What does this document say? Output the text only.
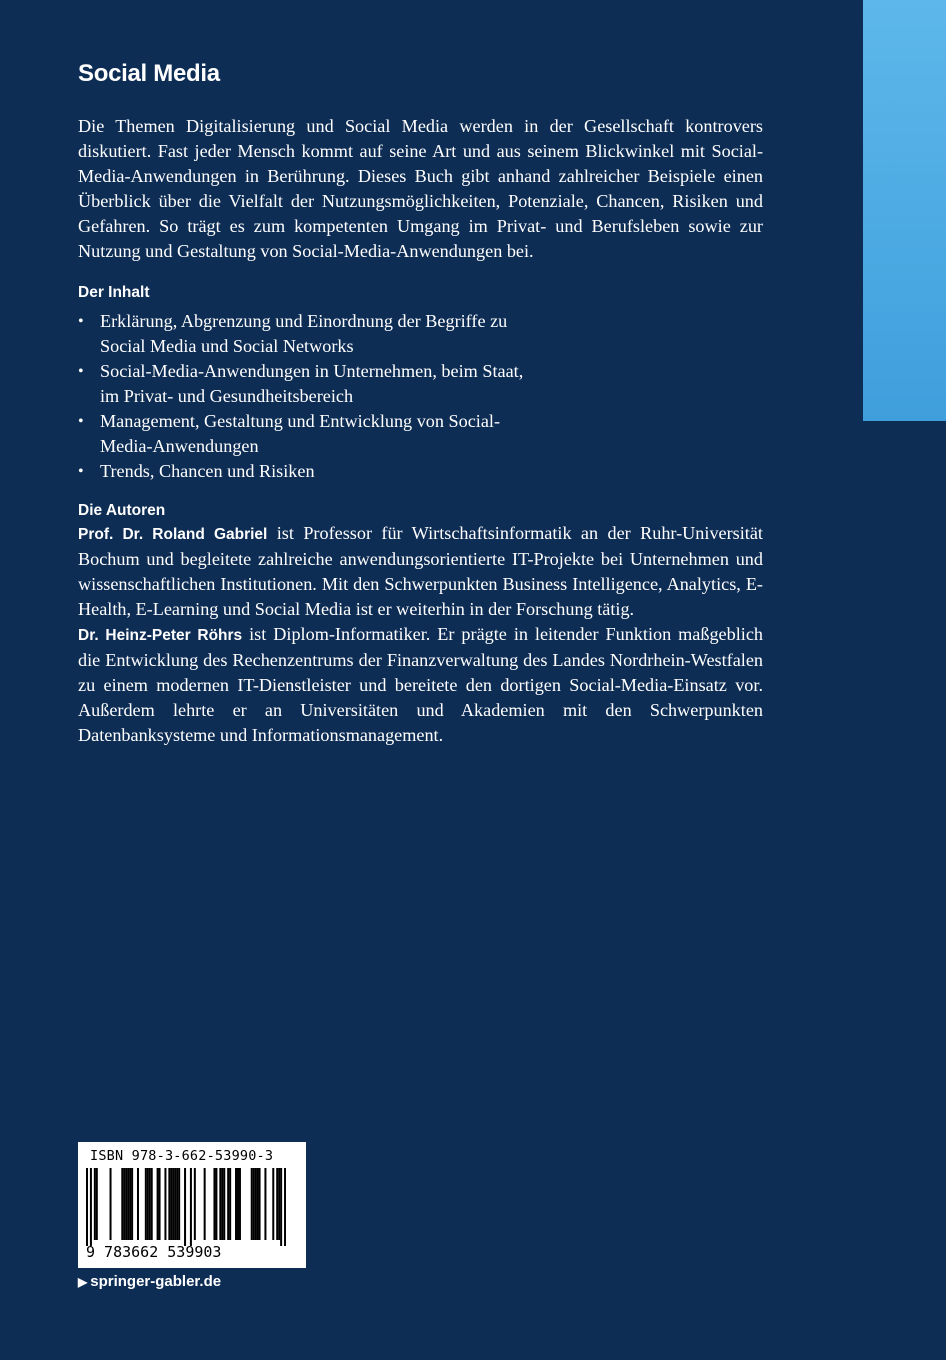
Social Media

Die Themen Digitalisierung und Social Media werden in der Gesellschaft kontrovers diskutiert. Fast jeder Mensch kommt auf seine Art und aus seinem Blickwinkel mit Social-Media-Anwendungen in Berührung. Dieses Buch gibt anhand zahlreicher Beispiele einen Überblick über die Vielfalt der Nutzungsmöglichkeiten, Potenziale, Chancen, Risiken und Gefahren. So trägt es zum kompetenten Umgang im Privat- und Berufsleben sowie zur Nutzung und Gestaltung von Social-Media-Anwendungen bei.

Der Inhalt
• Erklärung, Abgrenzung und Einordnung der Begriffe zu Social Media und Social Networks
• Social-Media-Anwendungen in Unternehmen, beim Staat, im Privat- und Gesundheitsbereich
• Management, Gestaltung und Entwicklung von Social-Media-Anwendungen
• Trends, Chancen und Risiken
Die Autoren

Prof. Dr. Roland Gabriel ist Professor für Wirtschaftsinformatik an der Ruhr-Universität Bochum und begleitete zahlreiche anwendungsorientierte IT-Projekte bei Unternehmen und wissenschaftlichen Institutionen. Mit den Schwerpunkten Business Intelligence, Analytics, E-Health, E-Learning und Social Media ist er weiterhin in der Forschung tätig.

Dr. Heinz-Peter Röhrs ist Diplom-Informatiker. Er prägte in leitender Funktion maßgeblich die Entwicklung des Rechenzentrums der Finanzverwaltung des Landes Nordrhein-Westfalen zu einem modernen IT-Dienstleister und bereitete den dortigen Social-Media-Einsatz vor. Außerdem lehrte er an Universitäten und Akademien mit den Schwerpunkten Datenbanksysteme und Informationsmanagement.

ISBN 978-3-662-53990-3
9 783662 539903
▶ springer-gabler.de
